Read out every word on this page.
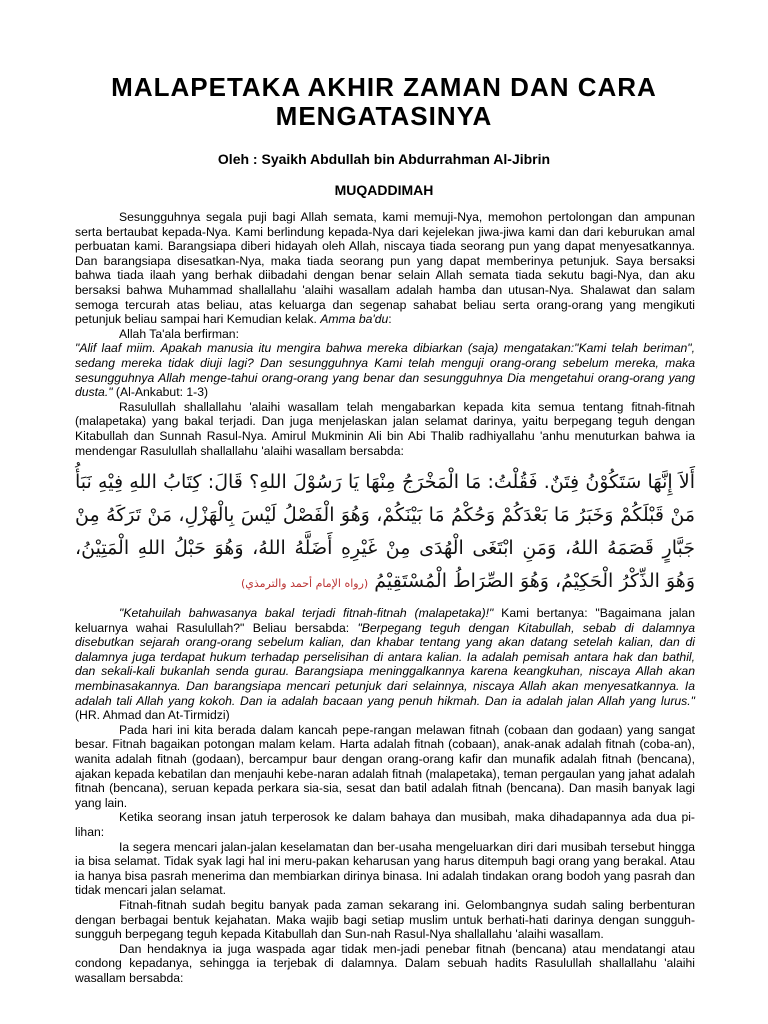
MALAPETAKA AKHIR ZAMAN DAN CARA MENGATASINYA

Oleh : Syaikh Abdullah bin Abdurrahman Al-Jibrin

MUQADDIMAH

Sesungguhnya segala puji bagi Allah semata, kami memuji-Nya, memohon pertolongan dan ampunan serta bertaubat kepada-Nya. Kami berlindung kepada-Nya dari kejelekan jiwa-jiwa kami dan dari keburukan amal perbuatan kami. Barangsiapa diberi hidayah oleh Allah, niscaya tiada seorang pun yang dapat menyesatkannya. Dan barangsiapa disesatkan-Nya, maka tiada seorang pun yang dapat memberinya petunjuk. Saya bersaksi bahwa tiada ilaah yang berhak diibadahi dengan benar selain Allah semata tiada sekutu bagi-Nya, dan aku bersaksi bahwa Muhammad shallallahu 'alaihi wasallam adalah hamba dan utusan-Nya. Shalawat dan salam semoga tercurah atas beliau, atas keluarga dan segenap sahabat beliau serta orang-orang yang mengikuti petunjuk beliau sampai hari Kemudian kelak. Amma ba'du:

Allah Ta'ala berfirman:

"Alif laaf miim. Apakah manusia itu mengira bahwa mereka dibiarkan (saja) mengatakan:"Kami telah beriman", sedang mereka tidak diuji lagi? Dan sesungguhnya Kami telah menguji orang-orang sebelum mereka, maka sesungguhnya Allah menge-tahui orang-orang yang benar dan sesungguhnya Dia mengetahui orang-orang yang dusta." (Al-Ankabut: 1-3)

Rasulullah shallallahu 'alaihi wasallam telah mengabarkan kepada kita semua tentang fitnah-fitnah (malapetaka) yang bakal terjadi. Dan juga menjelaskan jalan selamat darinya, yaitu berpegang teguh dengan Kitabullah dan Sunnah Rasul-Nya. Amirul Mukminin Ali bin Abi Thalib radhiyallahu 'anhu menuturkan bahwa ia mendengar Rasulullah shallallahu 'alaihi wasallam bersabda:

أَلاَ إِنَّهَا سَتَكُوْنُ فِتَنٌ. فَقُلْتُ: مَا الْمَخْرَجُ مِنْهَا يَا رَسُوْلَ اللهِ؟ قَالَ: كِتَابُ اللهِ فِيْهِ نَبَأُ مَنْ قَبْلَكُمْ وَخَبَرُ مَا بَعْدَكُمْ وَحُكْمُ مَا بَيْنَكُمْ، وَهُوَ الْفَصْلُ لَيْسَ بِالْهَزْلِ، مَنْ تَرَكَهُ مِنْ جَبَّارٍ قَصَمَهُ اللهُ، وَمَنِ ابْتَغَى الْهُدَى مِنْ غَيْرِهِ أَضَلَّهُ اللهُ، وَهُوَ حَبْلُ اللهِ الْمَتِيْنُ، وَهُوَ الذِّكْرُ الْحَكِيْمُ، وَهُوَ الصِّرَاطُ الْمُسْتَقِيْمُ (رواه الإمام أحمد والترمذي)

"Ketahuilah bahwasanya bakal terjadi fitnah-fitnah (malapetaka)!" Kami bertanya: "Bagaimana jalan keluarnya wahai Rasulullah?" Beliau bersabda: "Berpegang teguh dengan Kitabullah, sebab di dalamnya disebutkan sejarah orang-orang sebelum kalian, dan khabar tentang yang akan datang setelah kalian, dan di dalamnya juga terdapat hukum terhadap perselisihan di antara kalian. Ia adalah pemisah antara hak dan bathil, dan sekali-kali bukanlah senda gurau. Barangsiapa meninggalkannya karena keangkuhan, niscaya Allah akan membinasakannya. Dan barangsiapa mencari petunjuk dari selainnya, niscaya Allah akan menyesatkannya. Ia adalah tali Allah yang kokoh. Dan ia adalah bacaan yang penuh hikmah. Dan ia adalah jalan Allah yang lurus." (HR. Ahmad dan At-Tirmidzi)

Pada hari ini kita berada dalam kancah pepe-rangan melawan fitnah (cobaan dan godaan) yang sangat besar. Fitnah bagaikan potongan malam kelam. Harta adalah fitnah (cobaan), anak-anak adalah fitnah (coba-an), wanita adalah fitnah (godaan), bercampur baur dengan orang-orang kafir dan munafik adalah fitnah (bencana), ajakan kepada kebatilan dan menjauhi kebe-naran adalah fitnah (malapetaka), teman pergaulan yang jahat adalah fitnah (bencana), seruan kepada perkara sia-sia, sesat dan batil adalah fitnah (bencana). Dan masih banyak lagi yang lain.

Ketika seorang insan jatuh terperosok ke dalam bahaya dan musibah, maka dihadapannya ada dua pi-lihan:

Ia segera mencari jalan-jalan keselamatan dan ber-usaha mengeluarkan diri dari musibah tersebut hingga ia bisa selamat. Tidak syak lagi hal ini meru-pakan keharusan yang harus ditempuh bagi orang yang berakal. Atau ia hanya bisa pasrah menerima dan membiarkan dirinya binasa. Ini adalah tindakan orang bodoh yang pasrah dan tidak mencari jalan selamat.

Fitnah-fitnah sudah begitu banyak pada zaman sekarang ini. Gelombangnya sudah saling berbenturan dengan berbagai bentuk kejahatan. Maka wajib bagi setiap muslim untuk berhati-hati darinya dengan sungguh-sungguh berpegang teguh kepada Kitabullah dan Sun-nah Rasul-Nya shallallahu 'alaihi wasallam.

Dan hendaknya ia juga waspada agar tidak men-jadi penebar fitnah (bencana) atau mendatangi atau condong kepadanya, sehingga ia terjebak di dalamnya. Dalam sebuah hadits Rasulullah shallallahu 'alaihi wasallam bersabda:
